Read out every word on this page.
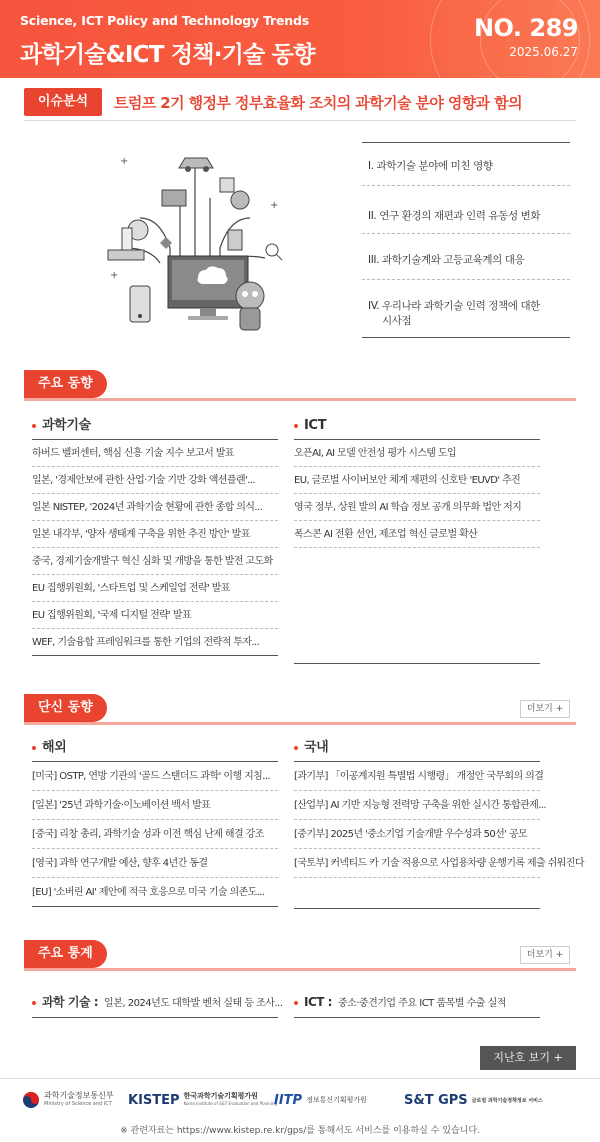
Science, ICT Policy and Technology Trends
과학기술&ICT 정책·기술 동향
NO. 289
2025.06.27
이슈분석	트럼프 2기 행정부 정부효율화 조치의 과학기술 분야 영향과 함의
+
+
+
Ⅰ. 과학기술 분야에 미친 영향
II. 연구 환경의 재편과 인력 유동성 변화
III. 과학기술계와 고등교육계의 대응
IV. 우리나라 과학기술 인력 정책에 대한
시사점
주요 동향
과학기술
하버드 벨퍼센터, 핵심 신흥 기술 지수 보고서 발표
일본, '경제안보에 관한 산업·기술 기반 강화 액션플랜'...
일본 NISTEP, '2024년 과학기술 현황에 관한 종합 의식...
일본 내각부, '양자 생태계 구축을 위한 추진 방안' 발표
중국, 경제기술개발구 혁신 심화 및 개방을 통한 발전 고도화
EU 집행위원회, '스타트업 및 스케일업 전략' 발표
EU 집행위원회, '국제 디지털 전략' 발표
WEF, 기술융합 프레임워크를 통한 기업의 전략적 투자...
ICT
오픈AI, AI 모델 안전성 평가 시스템 도입
EU, 글로벌 사이버보안 체계 재편의 신호탄 'EUVD' 추진
영국 정부, 상원 발의 AI 학습 정보 공개 의무화 법안 저지
폭스콘 AI 전환 선언, 제조업 혁신 글로벌 확산
단신 동향	더보기 +
해외
[미국] OSTP, 연방 기관의 '골드 스탠더드 과학' 이행 지침...
[일본] '25년 과학기술·이노베이션 백서 발표
[중국] 리창 총리, 과학기술 성과 이전 핵심 난제 해결 강조
[영국] 과학 연구개발 예산, 향후 4년간 동결
[EU] '소버린 AI' 제안에 적극 호응으로 미국 기술 의존도...
국내
[과기부] 「이공계지원 특별법 시행령」 개정안 국무회의 의결
[산업부] AI 기반 지능형 전력망 구축을 위한 실시간 통합관제...
[중기부] 2025년 '중소기업 기술개발 우수성과 50선' 공모
[국토부] 커넥티드 카 기술 적용으로 사업용차량 운행기록 제출 쉬워진다
주요 통계	더보기 +
과학 기술 : 일본, 2024년도 대학발 벤처 실태 등 조사...	ICT : 중소·중견기업 주요 ICT 품목별 수출 실적
지난호 보기 +
과학기술정보통신부
Ministry of Science and ICT KISTEP 한국과학기술기획평가원
Korea Institute of S&T Evaluation and Planning
IITP 정보통신기획평가원	S&T GPS 글로벌 과학기술정책정보 서비스
※ 관련자료는 https://www.kistep.re.kr/gps/를 통해서도 서비스를 이용하실 수 있습니다.
